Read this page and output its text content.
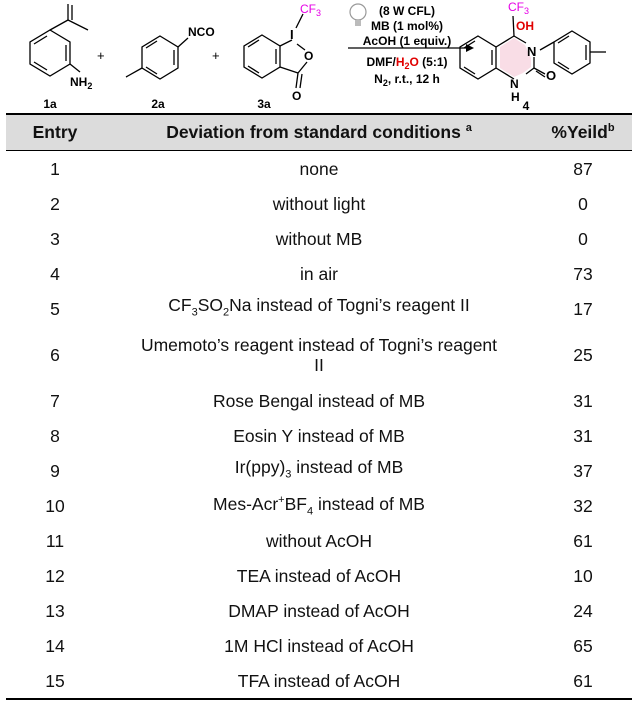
$NH_2$
+
NCO
+
I
$CF_3$
O
O
(8 W CFL)
MB (1 mol%)
AcOH (1 equiv.)
DMF/$H_2O$ (5:1)
$N_2$, r.t., 12 h
$CF_3$
OH
N
O
N
H
1a	2a	3a	4
Entry	Deviation from standard conditions $^a$	%Yeild$^b$
1	none	87
2	without light	0
3	without MB	0
4	in air	73
5	$CF_3SO_2Na$ instead of Togni’s reagent II	17
6	Umemoto’s reagent instead of Togni’s reagent II	25
7	Rose Bengal instead of MB	31
8	Eosin Y instead of MB	31
9	$Ir(ppy)_3$ instead of MB	37
10	Mes-$Acr^+BF_4$ instead of MB	32
11	without AcOH	61
12	TEA instead of AcOH	10
13	DMAP instead of AcOH	24
14	1M HCl instead of AcOH	65
15	TFA instead of AcOH	61
